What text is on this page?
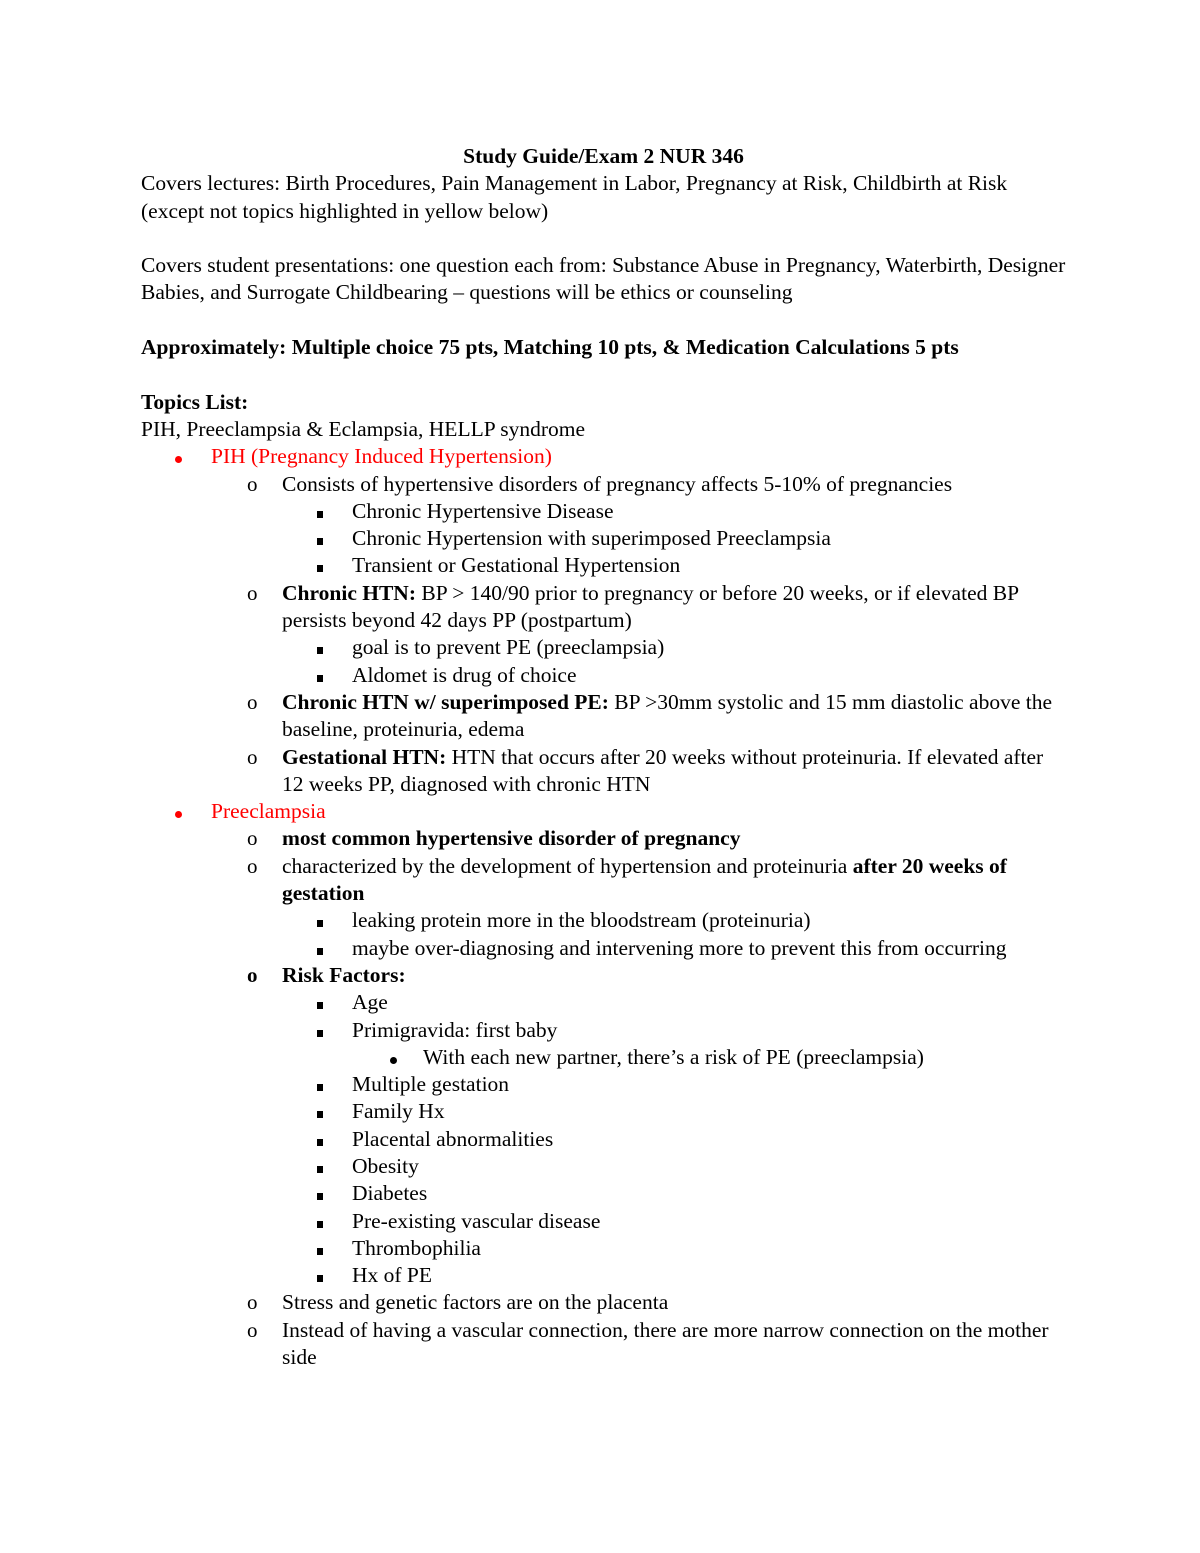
Study Guide/Exam 2 NUR 346

Covers lectures: Birth Procedures, Pain Management in Labor, Pregnancy at Risk, Childbirth at Risk (except not topics highlighted in yellow below)

Covers student presentations: one question each from: Substance Abuse in Pregnancy, Waterbirth, Designer Babies, and Surrogate Childbearing – questions will be ethics or counseling

Approximately: Multiple choice 75 pts, Matching 10 pts, & Medication Calculations 5 pts

Topics List:

PIH, Preeclampsia & Eclampsia, HELLP syndrome

PIH (Pregnancy Induced Hypertension)
o Consists of hypertensive disorders of pregnancy affects 5-10% of pregnancies
Chronic Hypertensive Disease
Chronic Hypertension with superimposed Preeclampsia
Transient or Gestational Hypertension
o Chronic HTN: BP > 140/90 prior to pregnancy or before 20 weeks, or if elevated BP persists beyond 42 days PP (postpartum)
goal is to prevent PE (preeclampsia)
Aldomet is drug of choice
o Chronic HTN w/ superimposed PE: BP >30mm systolic and 15 mm diastolic above the baseline, proteinuria, edema
o Gestational HTN: HTN that occurs after 20 weeks without proteinuria. If elevated after 12 weeks PP, diagnosed with chronic HTN
Preeclampsia
o most common hypertensive disorder of pregnancy
o characterized by the development of hypertension and proteinuria after 20 weeks of gestation
leaking protein more in the bloodstream (proteinuria)
maybe over-diagnosing and intervening more to prevent this from occurring
o Risk Factors:
Age
Primigravida: first baby
With each new partner, there’s a risk of PE (preeclampsia)
Multiple gestation
Family Hx
Placental abnormalities
Obesity
Diabetes
Pre-existing vascular disease
Thrombophilia
Hx of PE
o Stress and genetic factors are on the placenta
o Instead of having a vascular connection, there are more narrow connection on the mother side
